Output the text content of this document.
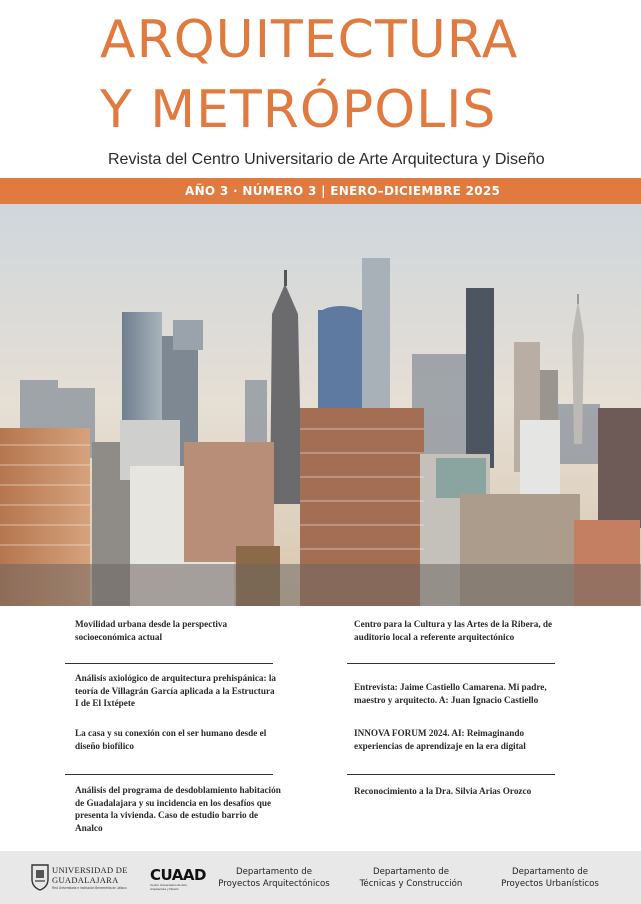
ARQUITECTURA
Y METRÓPOLIS
Revista del Centro Universitario de Arte Arquitectura y Diseño
AÑO 3 · NÚMERO 3 | ENERO–DICIEMBRE 2025
Movilidad urbana desde la perspectiva socioeconómica actual
Análisis axiológico de arquitectura prehispánica: la teoría de Villagrán García aplicada a la Estructura I de El Ixtépete
La casa y su conexión con el ser humano desde el diseño biofílico
Análisis del programa de desdoblamiento habitación de Guadalajara y su incidencia en los desafíos que presenta la vivienda. Caso de estudio barrio de Analco
Centro para la Cultura y las Artes de la Ribera, de auditorio local a referente arquitectónico
Entrevista: Jaime Castiello Camarena. Mi padre, maestro y arquitecto. A: Juan Ignacio Castiello
INNOVA FORUM 2024. AI: Reimaginando experiencias de aprendizaje en la era digital
Reconocimiento a la Dra. Silvia Arias Orozco
UNIVERSIDAD DE
GUADALAJARA
Red Universitaria e Institución Benemérita de Jalisco
CUAAD
Centro Universitario de Arte, Arquitectura y Diseño
Departamento de
Proyectos Arquitectónicos
Departamento de
Técnicas y Construcción
Departamento de
Proyectos Urbanísticos
